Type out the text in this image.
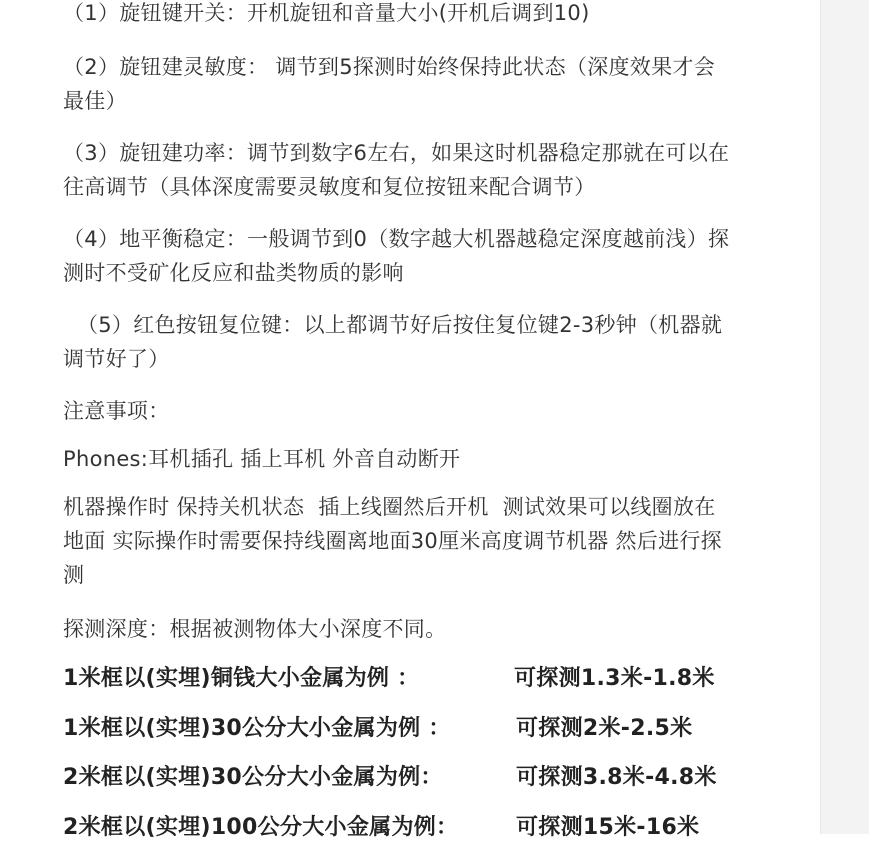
（1）旋钮键开关：开机旋钮和音量大小(开机后调到10)
（2）旋钮建灵敏度： 调节到5探测时始终保持此状态（深度效果才会
最佳）
（3）旋钮建功率：调节到数字6左右，如果这时机器稳定那就在可以在
往高调节（具体深度需要灵敏度和复位按钮来配合调节）
（4）地平衡稳定：一般调节到0（数字越大机器越稳定深度越前浅）探
测时不受矿化反应和盐类物质的影响
（5）红色按钮复位键：以上都调节好后按住复位键2-3秒钟（机器就
调节好了）
注意事项：
Phones:耳机插孔 插上耳机 外音自动断开
机器操作时 保持关机状态  插上线圈然后开机  测试效果可以线圈放在
地面 实际操作时需要保持线圈离地面30厘米高度调节机器 然后进行探
测
探测深度：根据被测物体大小深度不同。
1米框以(实埋)铜钱大小金属为例 ：	可探测1.3米-1.8米
1米框以(实埋)30公分大小金属为例 ：	可探测2米-2.5米
2米框以(实埋)30公分大小金属为例：	可探测3.8米-4.8米
2米框以(实埋)100公分大小金属为例：	可探测15米-16米
